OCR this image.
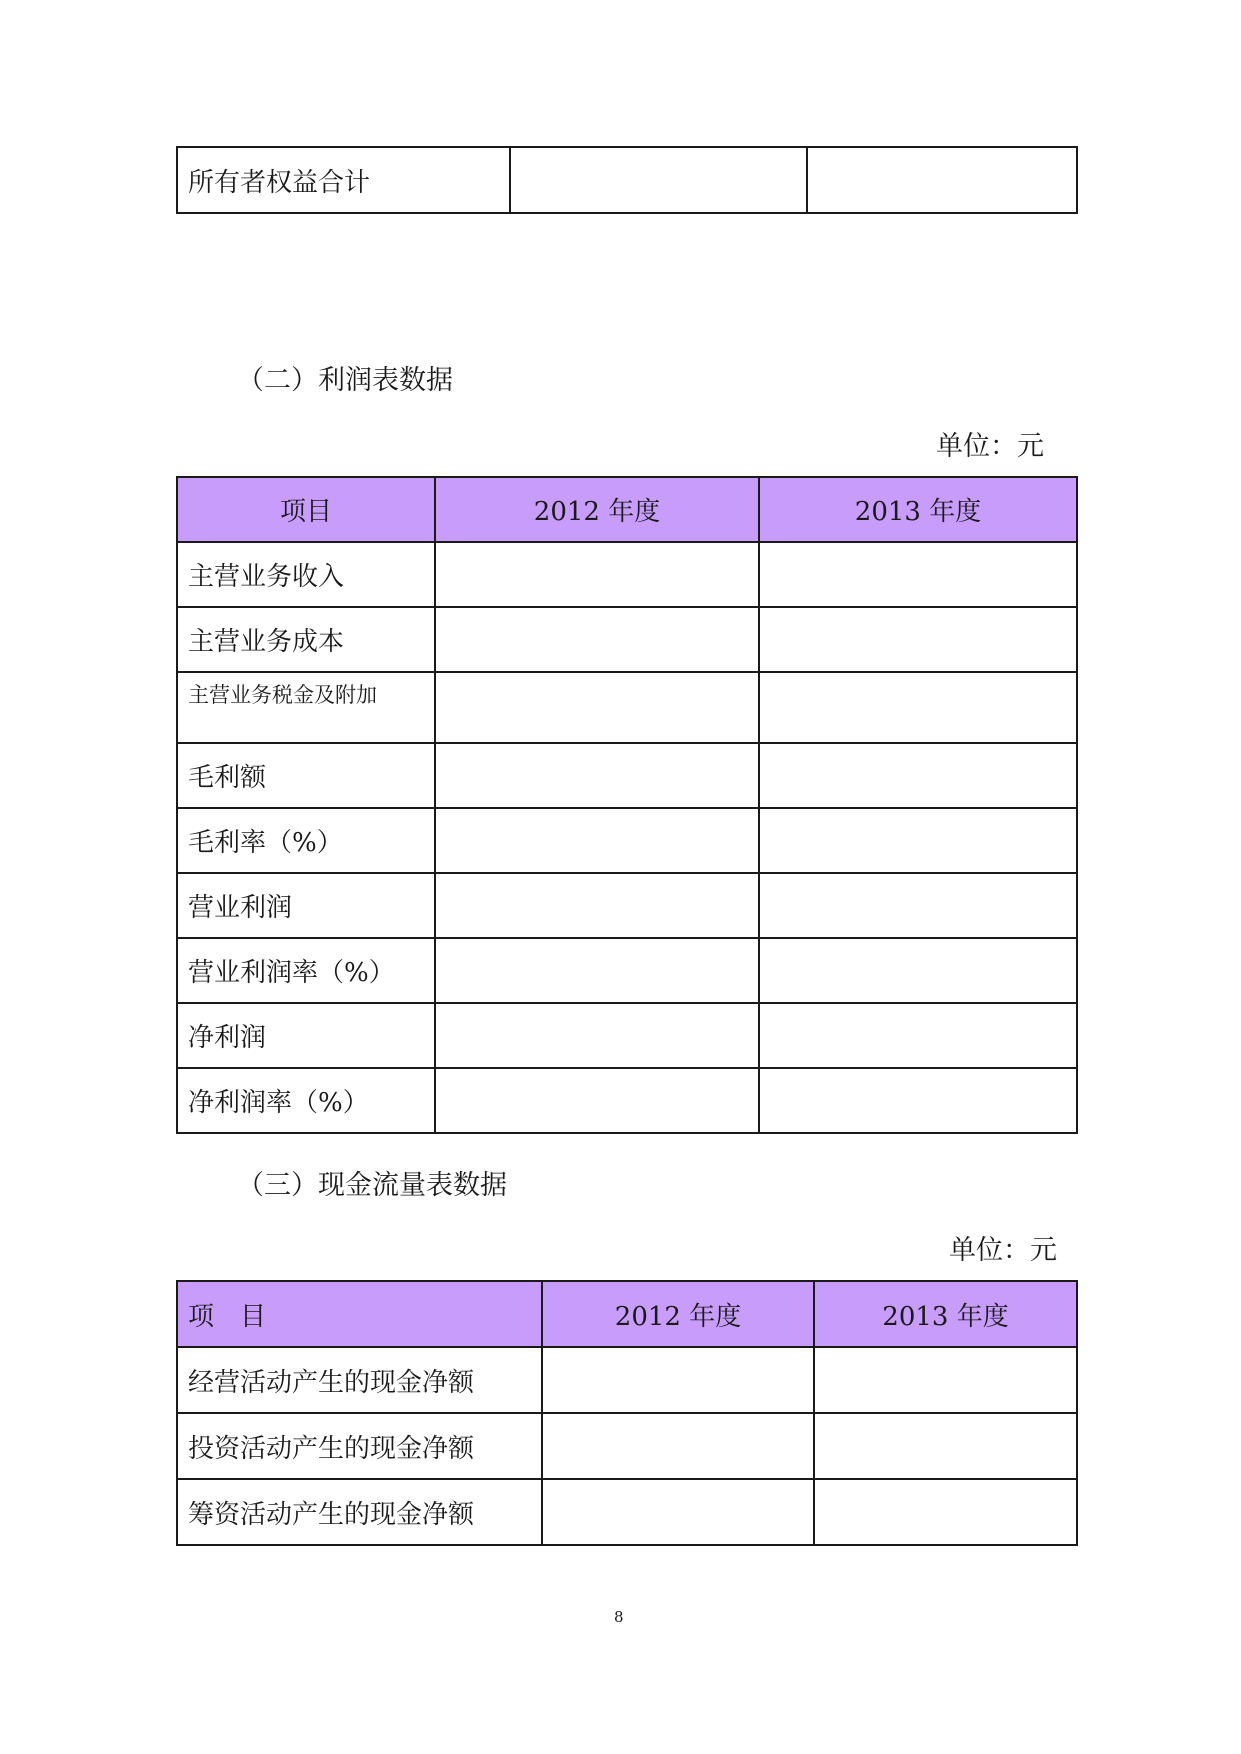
所有者权益合计		
（二）利润表数据
单位：元
项目	2012 年度	2013 年度
主营业务收入		
主营业务成本		
主营业务税金及附加		
毛利额		
毛利率（%）		
营业利润		
营业利润率（%）		
净利润		
净利润率（%）		
（三）现金流量表数据
单位：元
项　目	2012 年度	2013 年度
经营活动产生的现金净额		
投资活动产生的现金净额		
筹资活动产生的现金净额		
8
